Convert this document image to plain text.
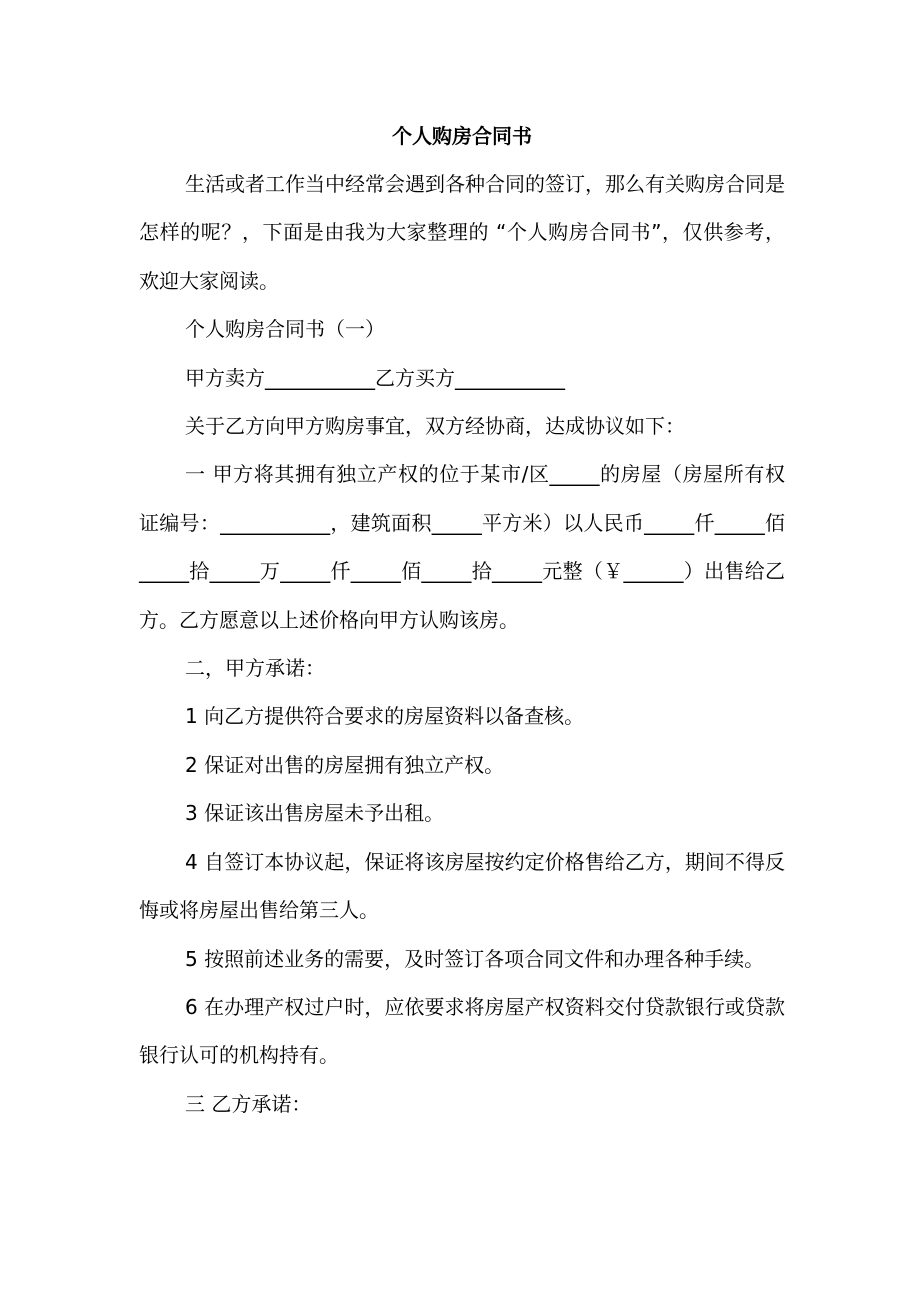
个人购房合同书

生活或者工作当中经常会遇到各种合同的签订，那么有关购房合同是怎样的呢？，下面是由我为大家整理的 “个人购房合同书”，仅供参考，欢迎大家阅读。

个人购房合同书（一）

甲方卖方___________乙方买方___________

关于乙方向甲方购房事宜，双方经协商，达成协议如下：

一 甲方将其拥有独立产权的位于某市/区_____的房屋（房屋所有权证编号：___________，建筑面积_____平方米）以人民币_____仟_____佰_____拾_____万_____仟_____佰_____拾_____元整（￥______）出售给乙方。乙方愿意以上述价格向甲方认购该房。

二，甲方承诺：

1 向乙方提供符合要求的房屋资料以备查核。

2 保证对出售的房屋拥有独立产权。

3 保证该出售房屋未予出租。

4 自签订本协议起，保证将该房屋按约定价格售给乙方，期间不得反悔或将房屋出售给第三人。

5 按照前述业务的需要，及时签订各项合同文件和办理各种手续。

6 在办理产权过户时，应依要求将房屋产权资料交付贷款银行或贷款银行认可的机构持有。

三 乙方承诺：
